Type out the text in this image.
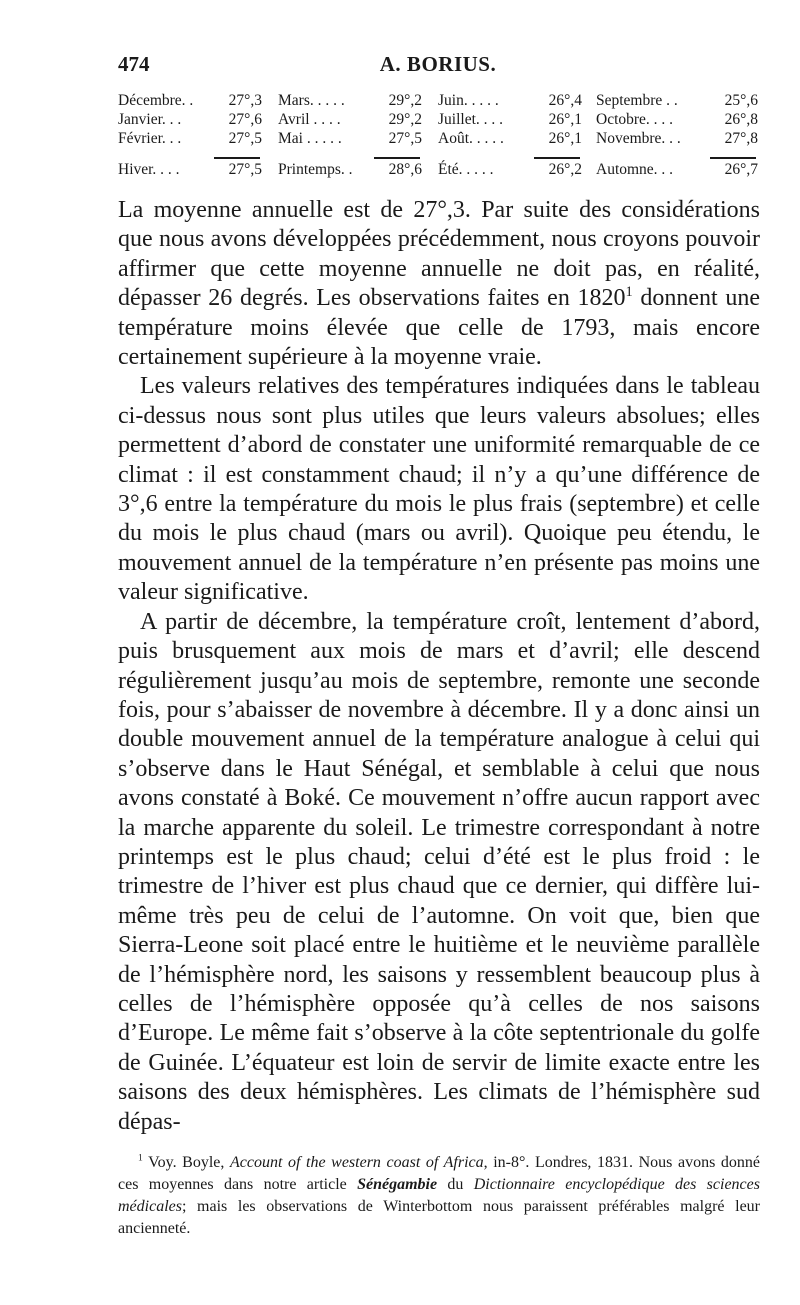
474	A. BORIUS.
Décembre. .	27°,3 Mars. . . . .	29°,2 Juin. . . . .	26°,4 Septembre . .	25°,6
Janvier. . .	27°,6 Avril . . . .	29°,2 Juillet. . . .	26°,1 Octobre. . . .	26°,8
Février. . .	27°,5 Mai . . . . .	27°,5 Août. . . . .	26°,1 Novembre. . .	27°,8
Hiver. . . .	27°,5 Printemps. .	28°,6 Été. . . . .	26°,2 Automne. . .	26°,7

La moyenne annuelle est de 27°,3. Par suite des considérations que nous avons développées précédemment, nous croyons pouvoir affirmer que cette moyenne annuelle ne doit pas, en réalité, dépasser 26 degrés. Les observations faites en 1820$^1$ donnent une température moins élevée que celle de 1793, mais encore certainement supérieure à la moyenne vraie.

Les valeurs relatives des températures indiquées dans le tableau ci-dessus nous sont plus utiles que leurs valeurs absolues; elles permettent d’abord de constater une uniformité remarquable de ce climat : il est constamment chaud; il n’y a qu’une différence de 3°,6 entre la température du mois le plus frais (septembre) et celle du mois le plus chaud (mars ou avril). Quoique peu étendu, le mouvement annuel de la température n’en présente pas moins une valeur significative.

A partir de décembre, la température croît, lentement d’abord, puis brusquement aux mois de mars et d’avril; elle descend régulièrement jusqu’au mois de septembre, remonte une seconde fois, pour s’abaisser de novembre à décembre. Il y a donc ainsi un double mouvement annuel de la température analogue à celui qui s’observe dans le Haut Sénégal, et semblable à celui que nous avons constaté à Boké. Ce mouvement n’offre aucun rapport avec la marche apparente du soleil. Le trimestre correspondant à notre printemps est le plus chaud; celui d’été est le plus froid : le trimestre de l’hiver est plus chaud que ce dernier, qui diffère lui-même très peu de celui de l’automne. On voit que, bien que Sierra-Leone soit placé entre le huitième et le neuvième parallèle de l’hémisphère nord, les saisons y ressemblent beaucoup plus à celles de l’hémisphère opposée qu’à celles de nos saisons d’Europe. Le même fait s’observe à la côte septentrionale du golfe de Guinée. L’équateur est loin de servir de limite exacte entre les saisons des deux hémisphères. Les climats de l’hémisphère sud dépas-

$^1$ Voy. Boyle, Account of the western coast of Africa, in-8°. Londres, 1831. Nous avons donné ces moyennes dans notre article Sénégambie du Dictionnaire encyclopédique des sciences médicales; mais les observations de Winterbottom nous paraissent préférables malgré leur ancienneté.
